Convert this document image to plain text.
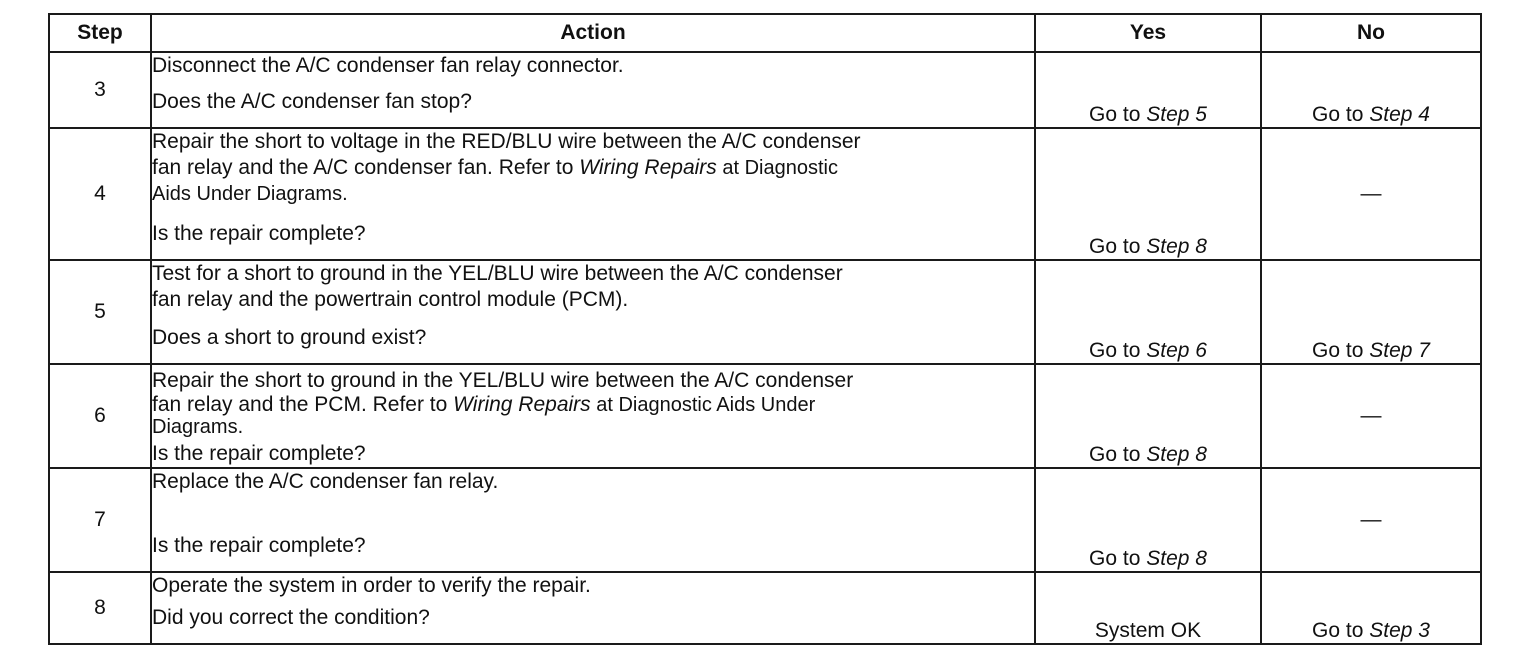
Step	Action	Yes	No
3	Disconnect the A/C condenser fan relay connector.
Does the A/C condenser fan stop?	Go to Step 5	Go to Step 4
4	Repair the short to voltage in the RED/BLU wire between the A/C condenser
fan relay and the A/C condenser fan. Refer to Wiring Repairs at Diagnostic
Aids Under Diagrams.
Is the repair complete?	Go to Step 8	—
5	Test for a short to ground in the YEL/BLU wire between the A/C condenser
fan relay and the powertrain control module (PCM).
Does a short to ground exist?	Go to Step 6	Go to Step 7
6	Repair the short to ground in the YEL/BLU wire between the A/C condenser
fan relay and the PCM. Refer to Wiring Repairs at Diagnostic Aids Under
Diagrams.
Is the repair complete?	Go to Step 8	—
7	Replace the A/C condenser fan relay.
Is the repair complete?	Go to Step 8	—
8	Operate the system in order to verify the repair.
Did you correct the condition?	System OK	Go to Step 3
